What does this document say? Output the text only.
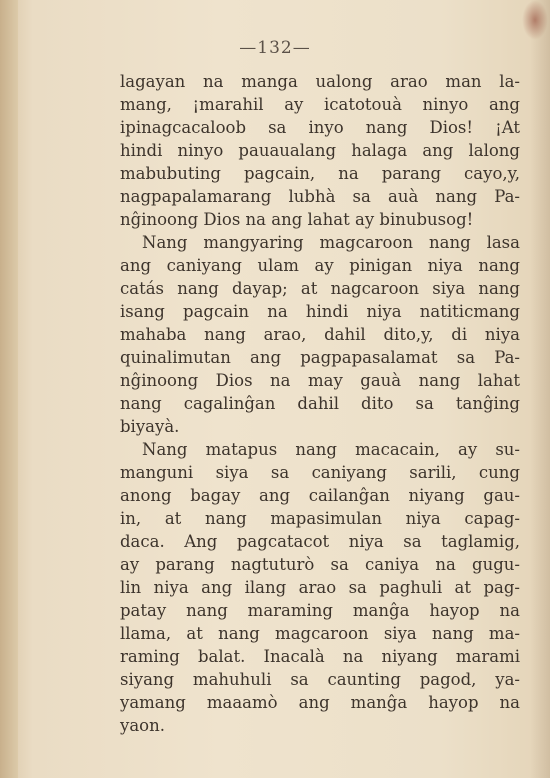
—132—
lagayan na manga ualong arao man la-
mang, ¡marahil ay icatotouà ninyo ang
ipinagcacaloob sa inyo nang Dios! ¡At
hindi ninyo pauaualang halaga ang lalong
mabubuting pagcain, na parang cayo,y,
nagpapalamarang lubhà sa auà nang Pa-
nĝinoong Dios na ang lahat ay binubusog!
Nang mangyaring magcaroon nang lasa
ang caniyang ulam ay pinigan niya nang
catás nang dayap; at nagcaroon siya nang
isang pagcain na hindi niya natiticmang
mahaba nang arao, dahil dito,y, di niya
quinalimutan ang pagpapasalamat sa Pa-
nĝinoong Dios na may gauà nang lahat
nang cagalinĝan dahil dito sa tanĝing
biyayà.
Nang matapus nang macacain, ay su-
manguni siya sa caniyang sarili, cung
anong bagay ang cailanĝan niyang gau-
in, at nang mapasimulan niya capag-
daca. Ang pagcatacot niya sa taglamig,
ay parang nagtuturò sa caniya na gugu-
lin niya ang ilang arao sa paghuli at pag-
patay nang maraming manĝa hayop na
llama, at nang magcaroon siya nang ma-
raming balat. Inacalà na niyang marami
siyang mahuhuli sa caunting pagod, ya-
yamang maaamò ang manĝa hayop na
yaon.
